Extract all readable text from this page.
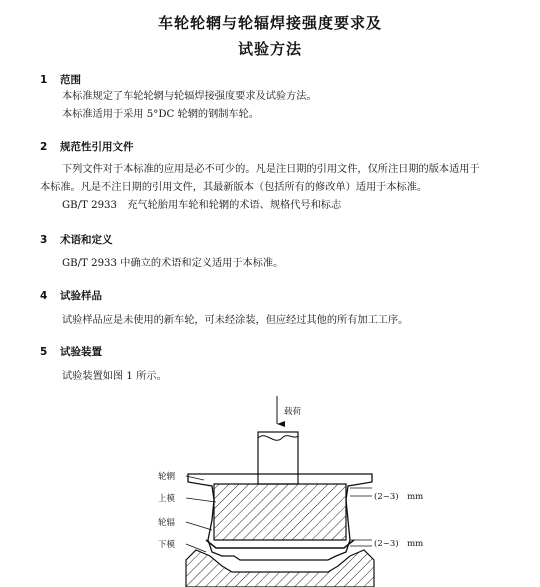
车轮轮辋与轮辐焊接强度要求及
试验方法
1 范围
本标准规定了车轮轮辋与轮辐焊接强度要求及试验方法。
本标准适用于采用 5°DC 轮辋的钢制车轮。
2 规范性引用文件
下列文件对于本标准的应用是必不可少的。凡是注日期的引用文件，仅所注日期的版本适用于
本标准。凡是不注日期的引用文件，其最新版本（包括所有的修改单）适用于本标准。
GB/T 2933　充气轮胎用车轮和轮辋的术语、规格代号和标志
3 术语和定义
GB/T 2933 中确立的术语和定义适用于本标准。
4 试验样品
试验样品应是未使用的新车轮，可未经涂装，但应经过其他的所有加工工序。
5 试验装置
试验装置如图 1 所示。
载荷
轮辋
上模
轮辐
下模
(2~3)　mm
(2~3)　mm
